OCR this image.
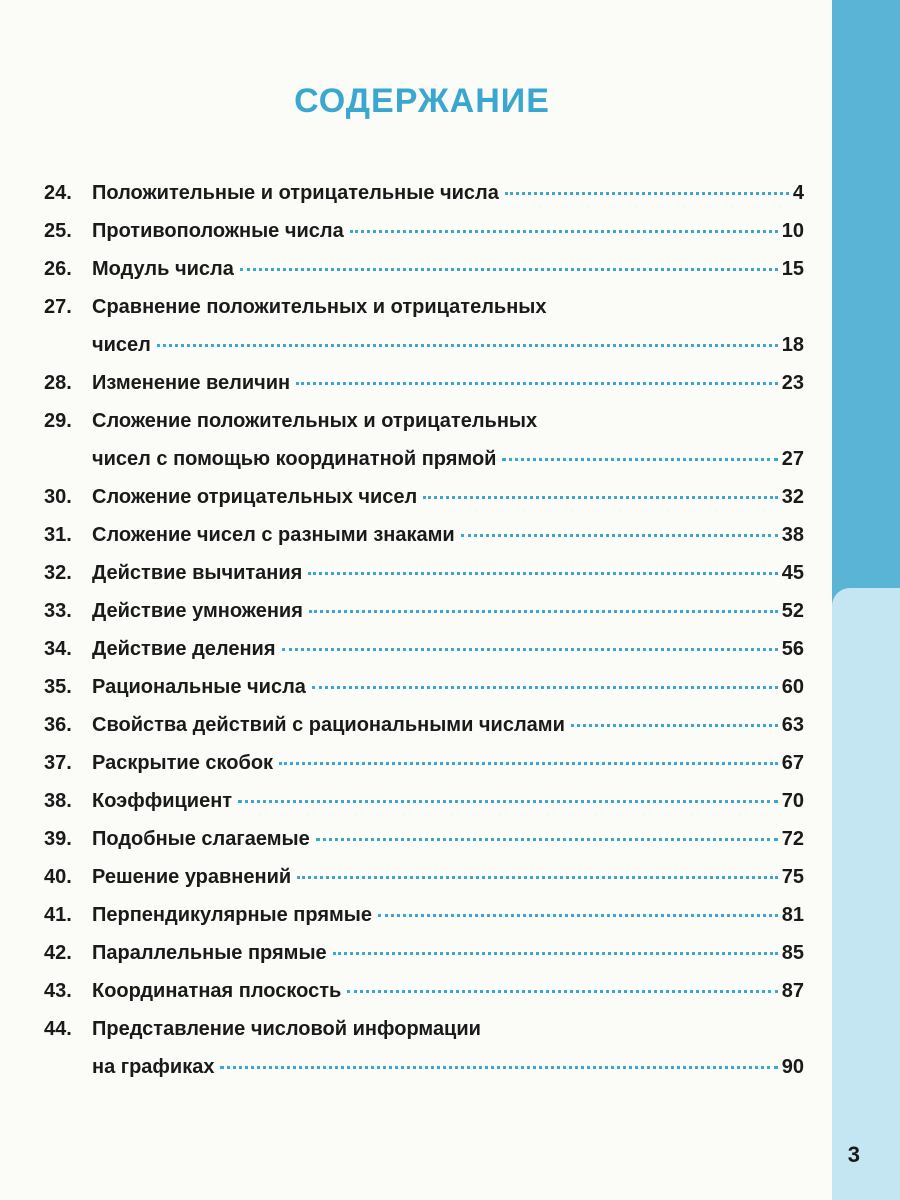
СОДЕРЖАНИЕ
24.	Положительные и отрицательные числа	4
25.	Противоположные числа	10
26.	Модуль числа	15
27.	Сравнение положительных и отрицательных
чисел	18
28.	Изменение величин	23
29.	Сложение положительных и отрицательных
чисел с помощью координатной прямой	27
30.	Сложение отрицательных чисел	32
31.	Сложение чисел с разными знаками	38
32.	Действие вычитания	45
33.	Действие умножения	52
34.	Действие деления	56
35.	Рациональные числа	60
36.	Свойства действий с рациональными числами	63
37.	Раскрытие скобок	67
38.	Коэффициент	70
39.	Подобные слагаемые	72
40.	Решение уравнений	75
41.	Перпендикулярные прямые	81
42.	Параллельные прямые	85
43.	Координатная плоскость	87
44.	Представление числовой информации
на графиках	90
3
